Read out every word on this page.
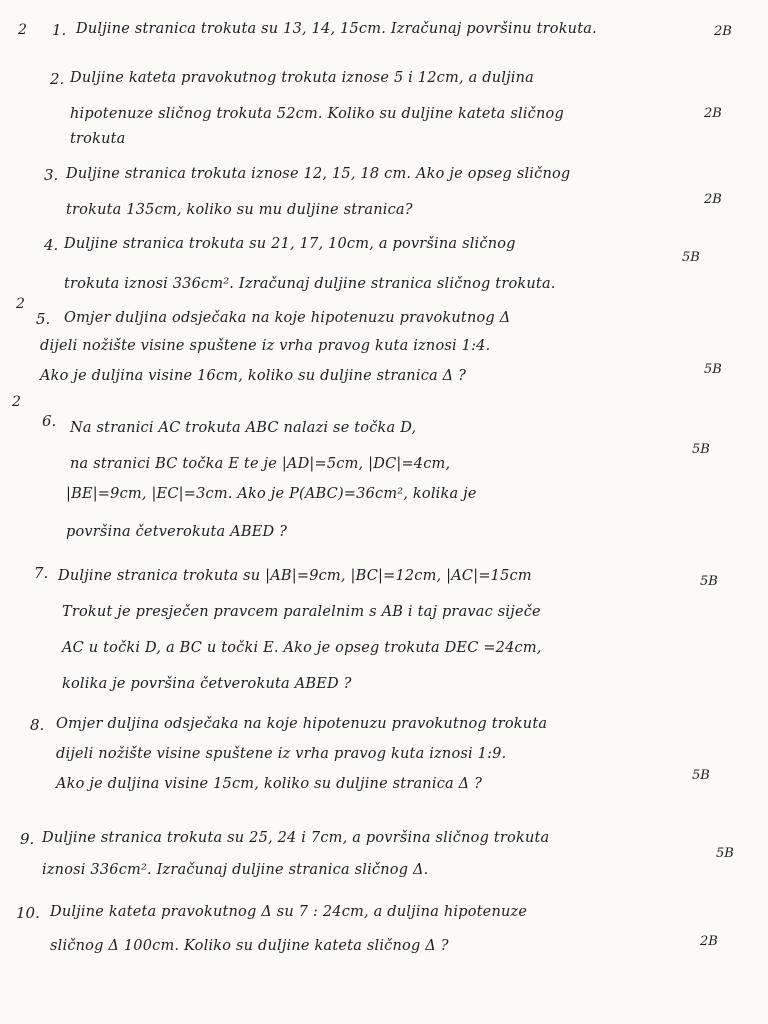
2 1. Duljine stranica trokuta su 13, 14, 15cm. Izračunaj površinu trokuta.	2B
2. Duljine kateta pravokutnog trokuta iznose 5 i 12cm, a duljina
hipotenuze sličnog trokuta 52cm. Koliko su duljine kateta sličnog
trokuta
2B
3. Duljine stranica trokuta iznose 12, 15, 18 cm. Ako je opseg sličnog
trokuta 135cm, koliko su mu duljine stranica?
2B
4. Duljine stranica trokuta su 21, 17, 10cm, a površina sličnog
trokuta iznosi 336cm². Izračunaj duljine stranica sličnog trokuta.
5B
2
5. Omjer duljina odsječaka na koje hipotenuzu pravokutnog Δ
dijeli nožište visine spuštene iz vrha pravog kuta iznosi 1:4.
Ako je duljina visine 16cm, koliko su duljine stranica Δ ?	5B
2
6. Na stranici AC trokuta ABC nalazi se točka D,
na stranici BC točka E te je |AD|=5cm, |DC|=4cm,
|BE|=9cm, |EC|=3cm. Ako je P(ABC)=36cm², kolika je
površina četverokuta ABED ?
5B
7. Duljine stranica trokuta su |AB|=9cm, |BC|=12cm, |AC|=15cm
Trokut je presječen pravcem paralelnim s AB i taj pravac siječe
AC u točki D, a BC u točki E. Ako je opseg trokuta DEC =24cm,
kolika je površina četverokuta ABED ?
5B
8. Omjer duljina odsječaka na koje hipotenuzu pravokutnog trokuta
dijeli nožište visine spuštene iz vrha pravog kuta iznosi 1:9.
Ako je duljina visine 15cm, koliko su duljine stranica Δ ?
5B
9. Duljine stranica trokuta su 25, 24 i 7cm, a površina sličnog trokuta
iznosi 336cm². Izračunaj duljine stranica sličnog Δ.
5B
10. Duljine kateta pravokutnog Δ su 7 : 24cm, a duljina hipotenuze
sličnog Δ 100cm. Koliko su duljine kateta sličnog Δ ?	2B
